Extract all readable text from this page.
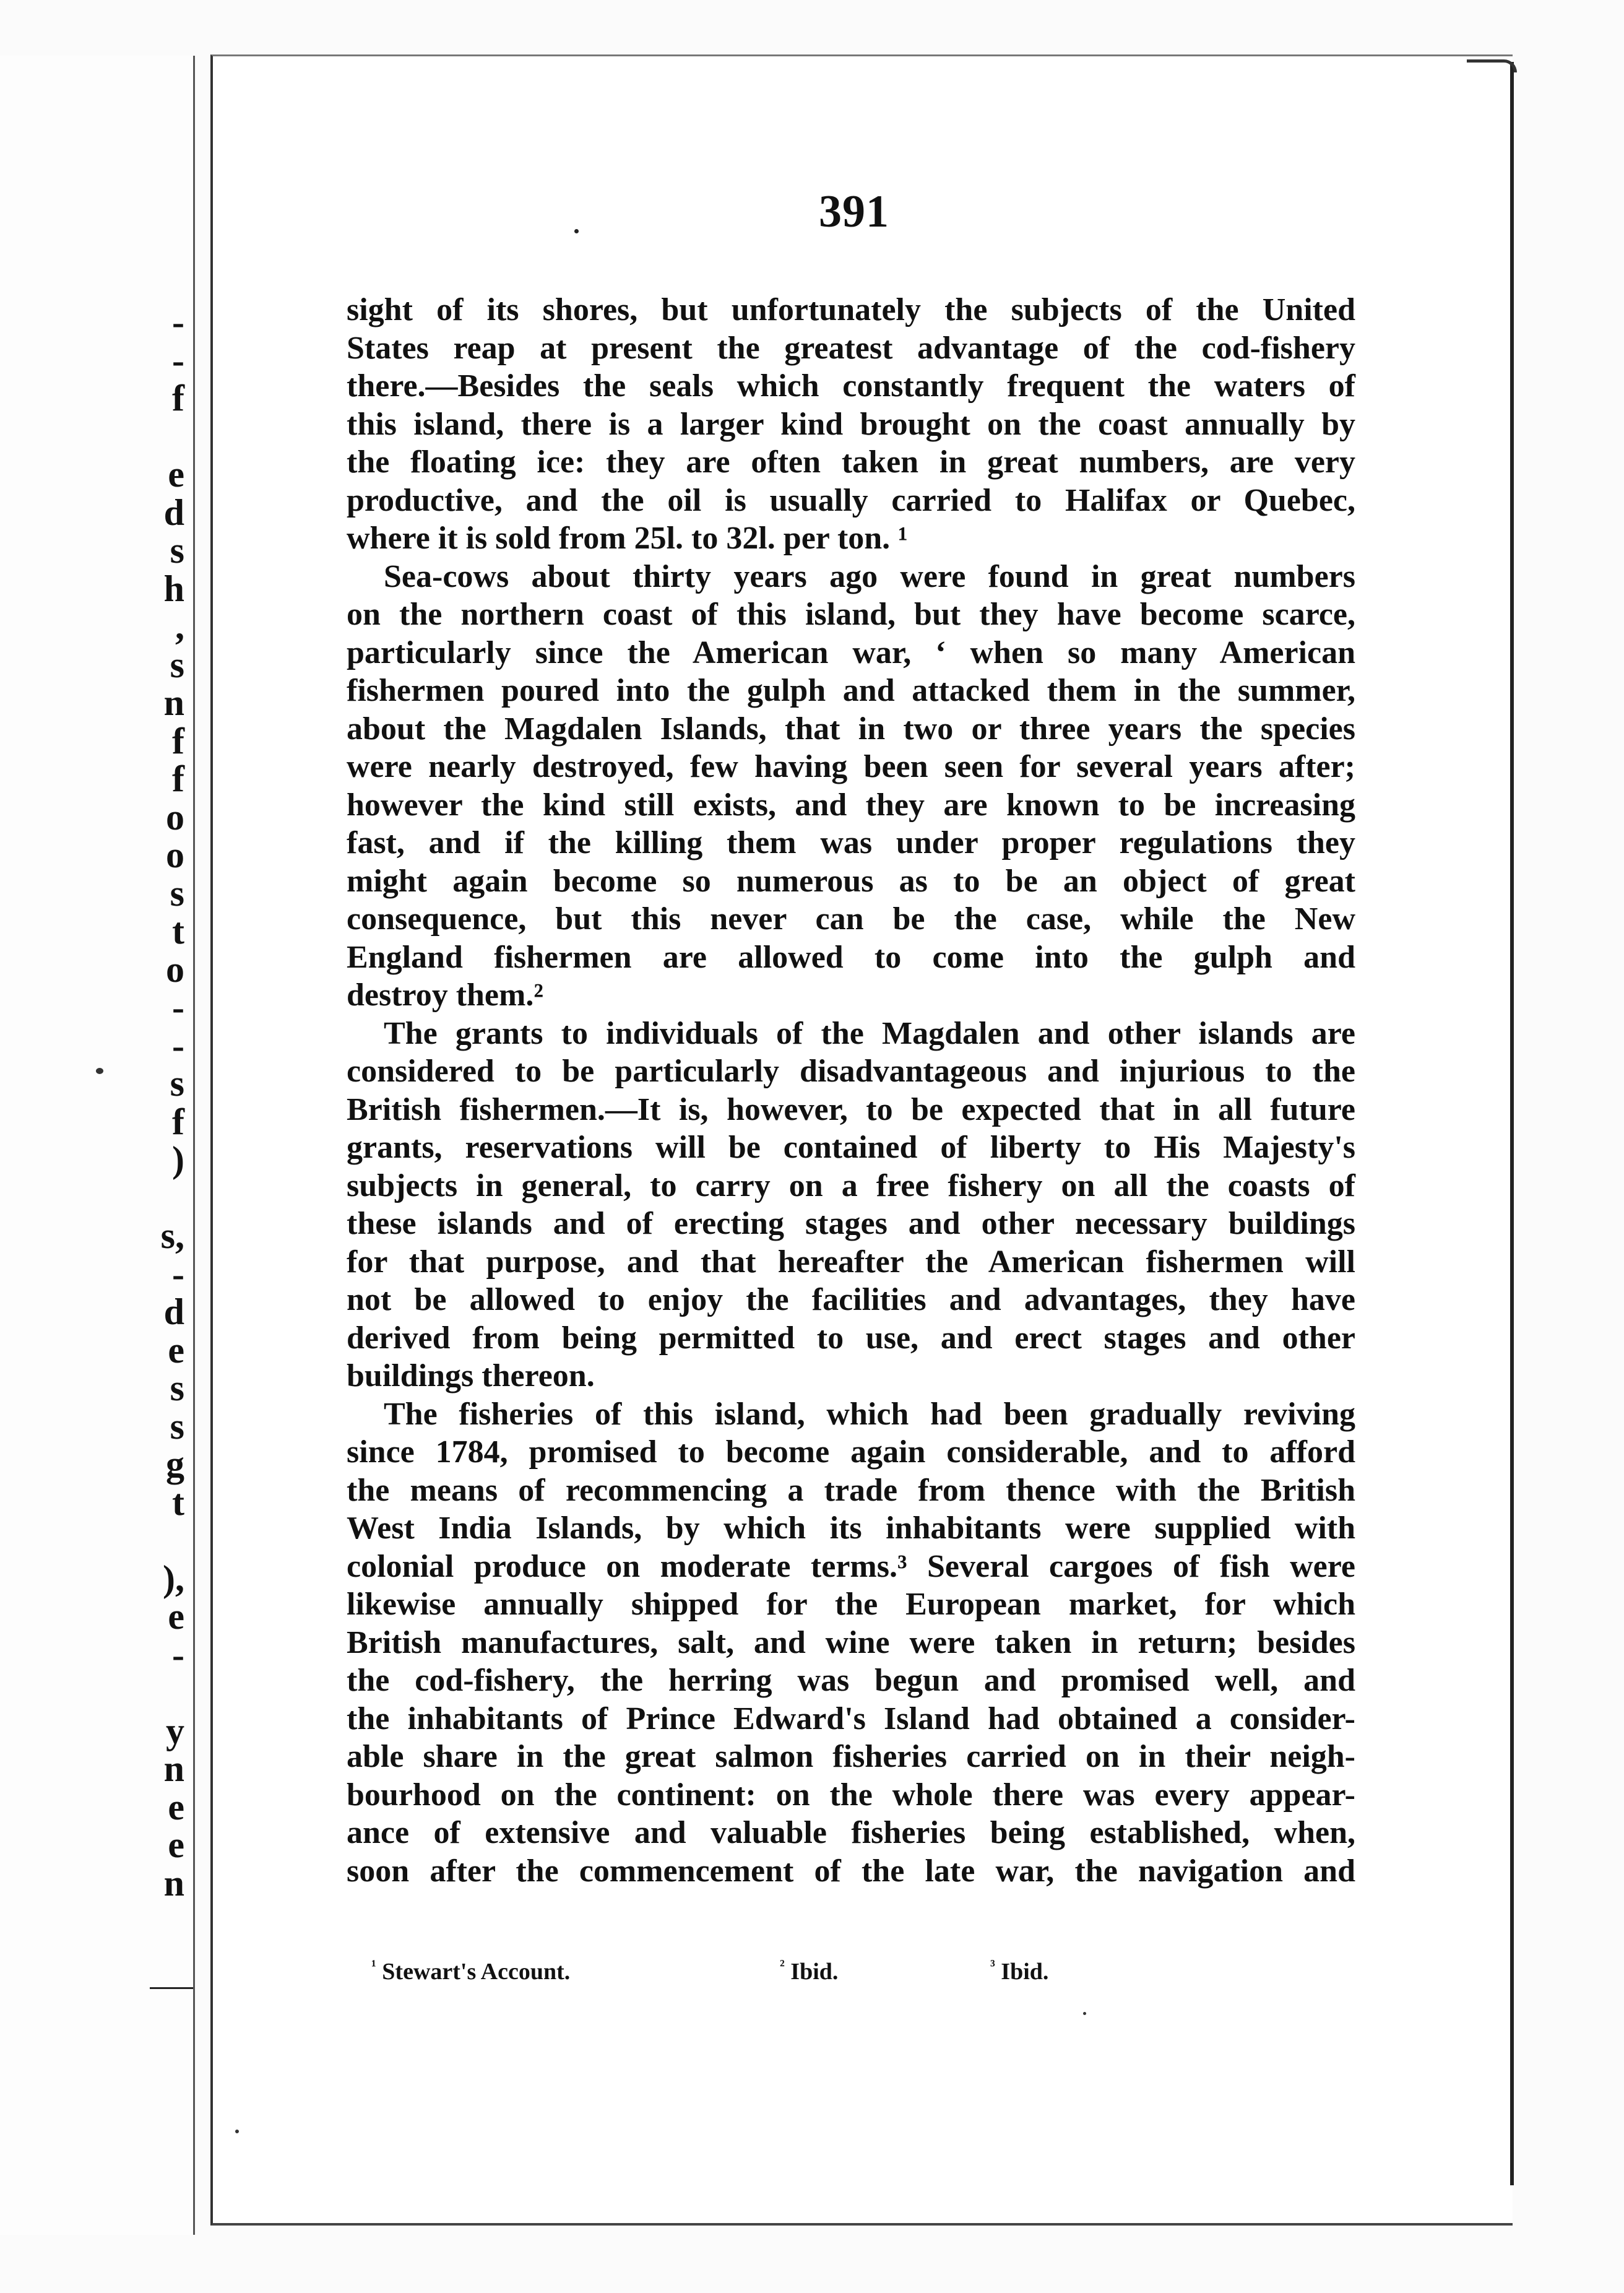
-
-
f
e
d
s
h
,
s
n
f
f
o
o
s
t
o
-
-
s
f
)
s,
-
d
e
s
s
g
t
),
e
-
y
n
e
e
n
391
sight of its shores, but unfortunately the subjects of the United
States reap at present the greatest advantage of the cod-fishery
there.—Besides the seals which constantly frequent the waters of
this island, there is a larger kind brought on the coast annually by
the floating ice: they are often taken in great numbers, are very
productive, and the oil is usually carried to Halifax or Quebec,
where it is sold from 25l. to 32l. per ton. ¹
Sea-cows about thirty years ago were found in great numbers
on the northern coast of this island, but they have become scarce,
particularly since the American war, ‘ when so many American
fishermen poured into the gulph and attacked them in the summer,
about the Magdalen Islands, that in two or three years the species
were nearly destroyed, few having been seen for several years after;
however the kind still exists, and they are known to be increasing
fast, and if the killing them was under proper regulations they
might again become so numerous as to be an object of great
consequence, but this never can be the case, while the New
England fishermen are allowed to come into the gulph and
destroy them.²
The grants to individuals of the Magdalen and other islands are
considered to be particularly disadvantageous and injurious to the
British fishermen.—It is, however, to be expected that in all future
grants, reservations will be contained of liberty to His Majesty's
subjects in general, to carry on a free fishery on all the coasts of
these islands and of erecting stages and other necessary buildings
for that purpose, and that hereafter the American fishermen will
not be allowed to enjoy the facilities and advantages, they have
derived from being permitted to use, and erect stages and other
buildings thereon.
The fisheries of this island, which had been gradually reviving
since 1784, promised to become again considerable, and to afford
the means of recommencing a trade from thence with the British
West India Islands, by which its inhabitants were supplied with
colonial produce on moderate terms.³ Several cargoes of fish were
likewise annually shipped for the European market, for which
British manufactures, salt, and wine were taken in return; besides
the cod-fishery, the herring was begun and promised well, and
the inhabitants of Prince Edward's Island had obtained a consider-
able share in the great salmon fisheries carried on in their neigh-
bourhood on the continent: on the whole there was every appear-
ance of extensive and valuable fisheries being established, when,
soon after the commencement of the late war, the navigation and
$^{^1}$ Stewart's Account.	$^{^2}$ Ibid.	$^{^3}$ Ibid.
